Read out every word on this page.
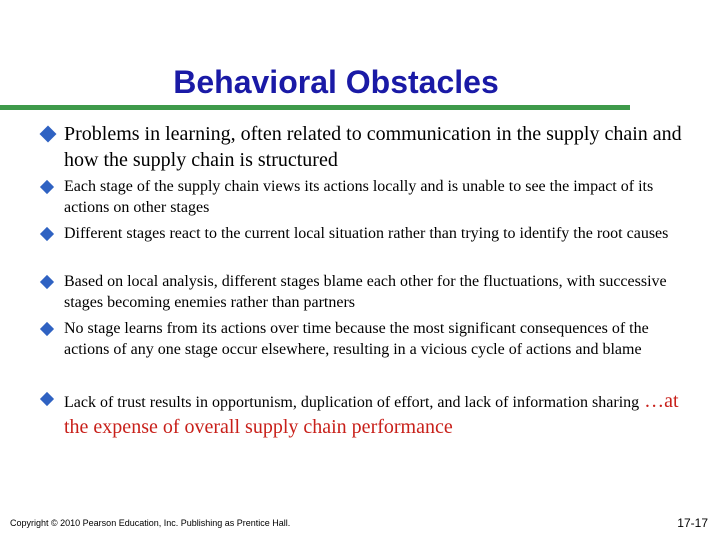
Behavioral Obstacles
Problems in learning, often related to communication in the supply chain and how the supply chain is structured
Each stage of the supply chain views its actions locally and is unable to see the impact of its actions on other stages
Different stages react to the current local situation rather than trying to identify the root causes
Based on local analysis, different stages blame each other for the fluctuations, with successive stages becoming enemies rather than partners
No stage learns from its actions over time because the most significant consequences of the actions of any one stage occur elsewhere, resulting in a vicious cycle of actions and blame
Lack of trust results in opportunism, duplication of effort, and lack of information sharing …at the expense of overall supply chain performance
Copyright © 2010 Pearson Education, Inc. Publishing as Prentice Hall.	17-17
